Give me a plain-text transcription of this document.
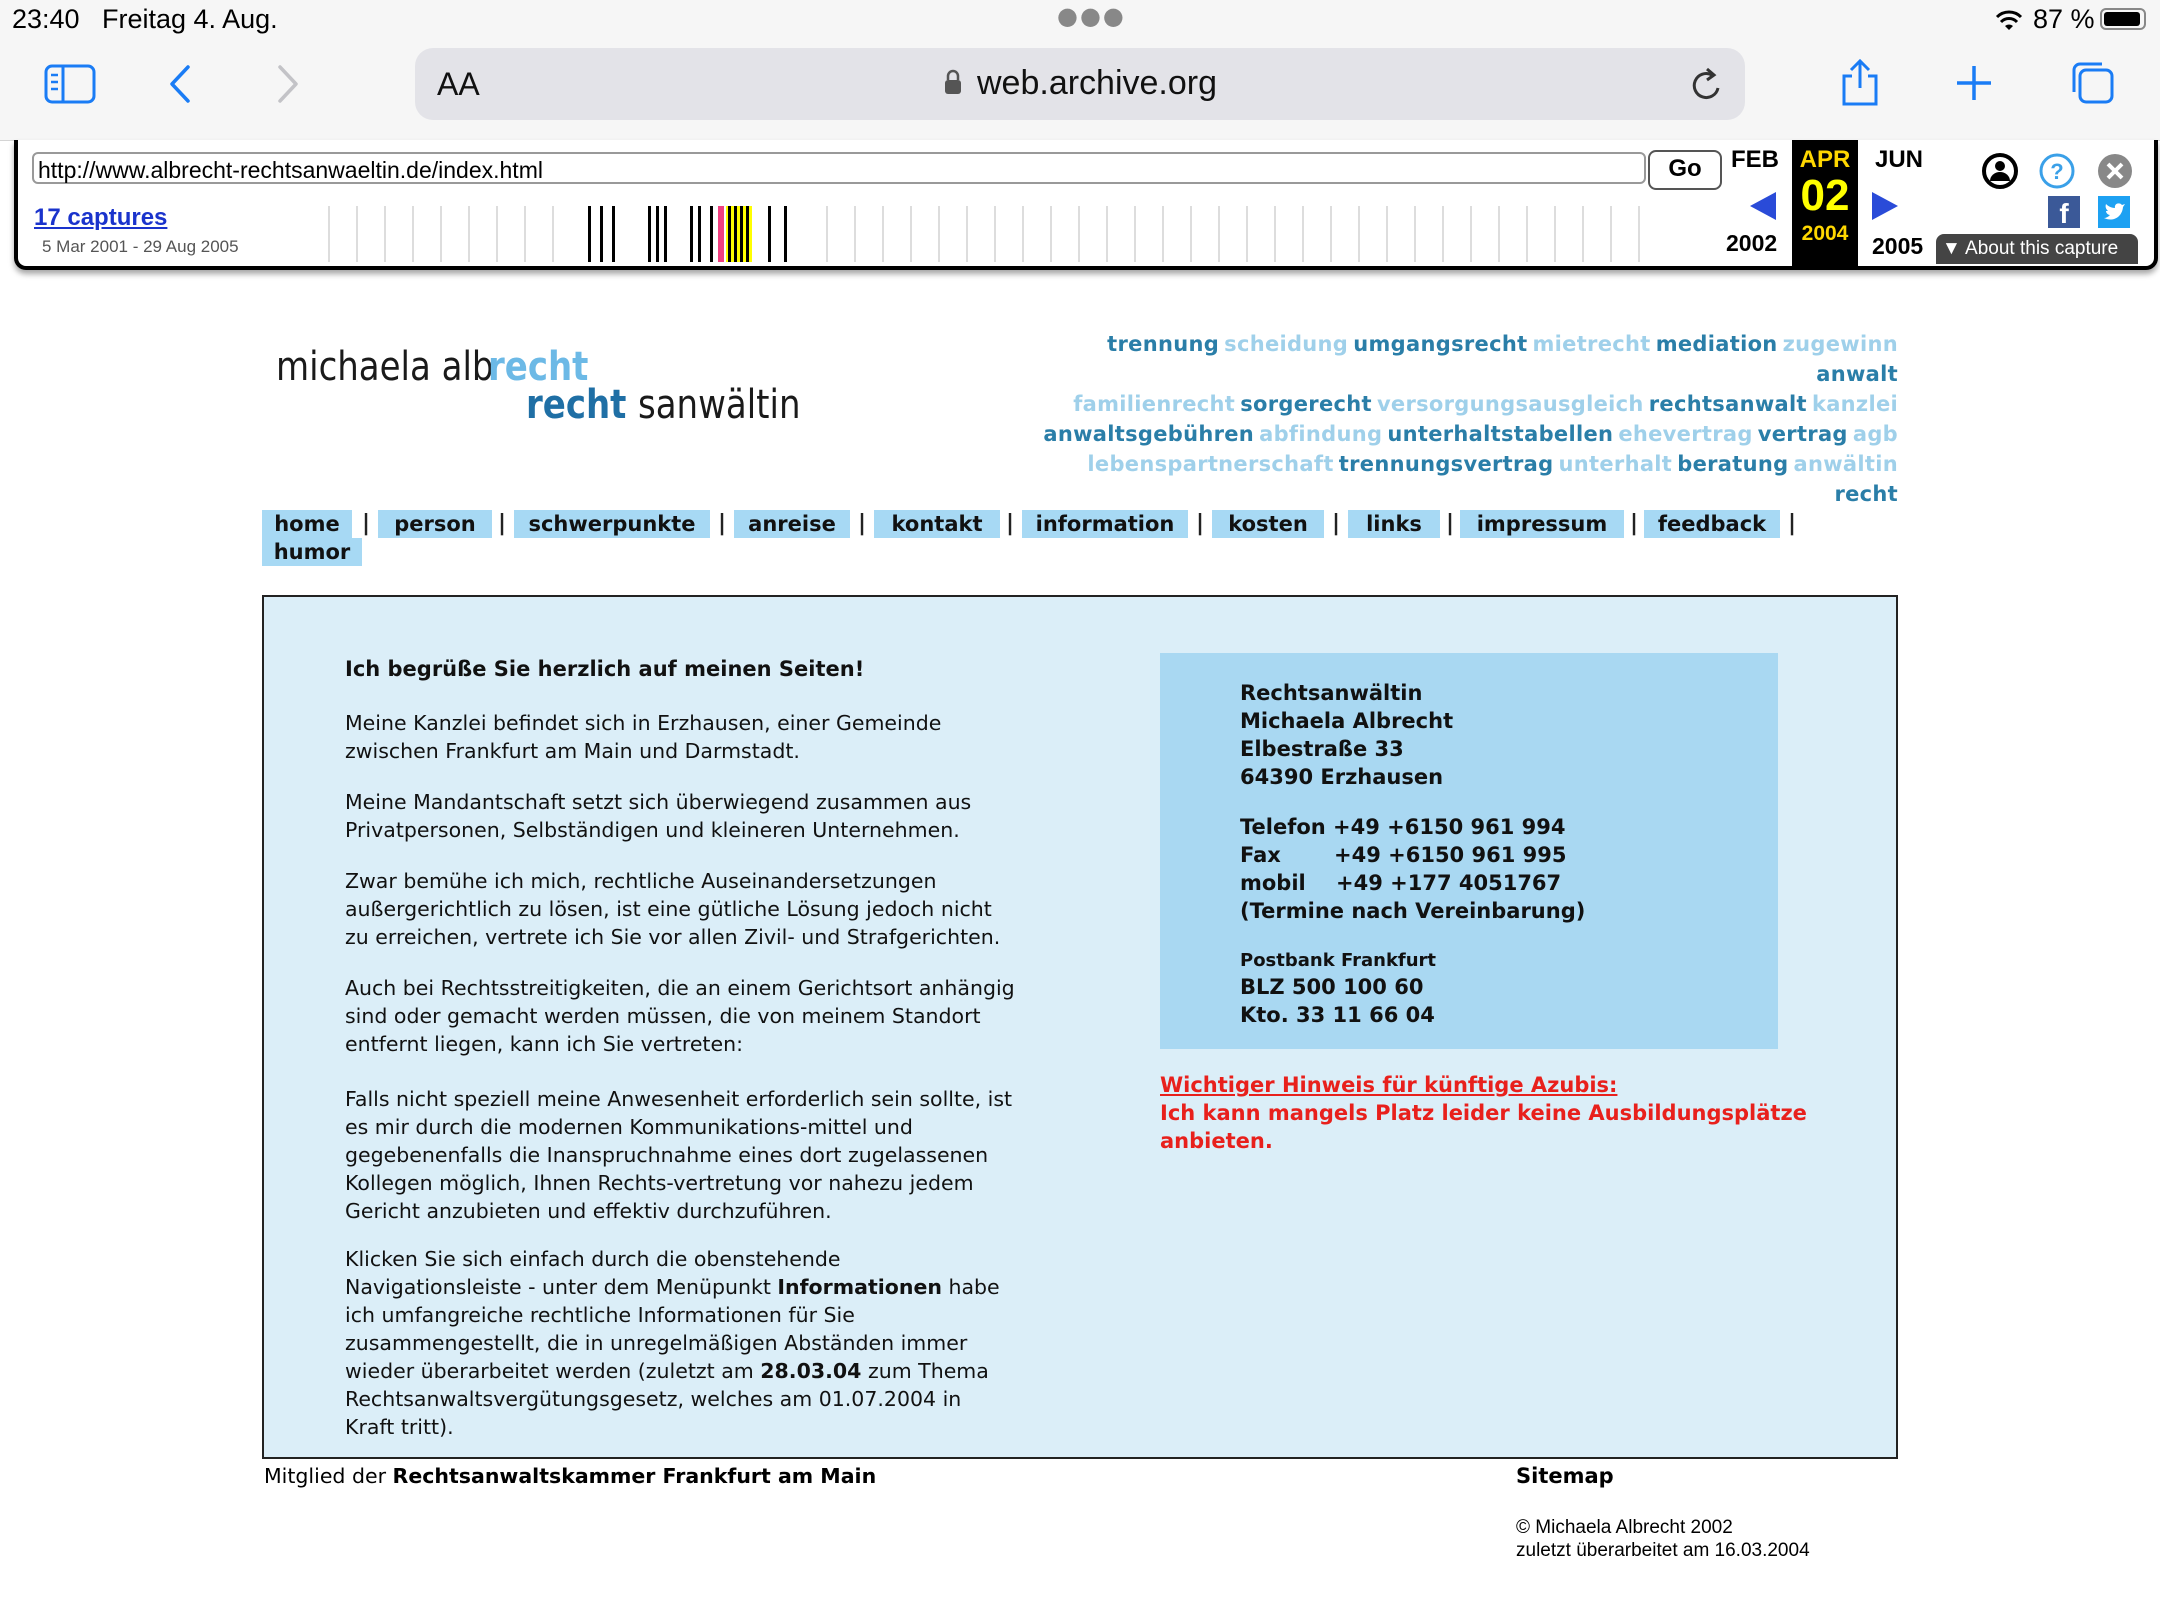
23:40 Freitag 4. Aug.	●●●	87 %
AA	web.archive.org
http://www.albrecht-rechtsanwaeltin.de/index.html	Go
17 captures
5 Mar 2001 - 29 Aug 2005
FEB
2002
APR
02
2004
JUN
2005
?
f
▼ About this capture
michaela alb
recht
recht sanwältin
trennung scheidung umgangsrecht mietrecht mediation zugewinn anwalt
familienrecht sorgerecht versorgungsausgleich rechtsanwalt kanzlei
anwaltsgebühren abfindung unterhaltstabellen ehevertrag vertrag agb
lebenspartnerschaft trennungsvertrag unterhalt beratung anwältin recht
home	|	person	|	schwerpunkte	|	anreise	|	kontakt	|	information |	kosten	|	links	|	impressum	| feedback |
humor
Ich begrüße Sie herzlich auf meinen Seiten!
Meine Kanzlei befindet sich in Erzhausen, einer Gemeinde
zwischen Frankfurt am Main und Darmstadt.
Meine Mandantschaft setzt sich überwiegend zusammen aus
Privatpersonen, Selbständigen und kleineren Unternehmen.
Zwar bemühe ich mich, rechtliche Auseinandersetzungen
außergerichtlich zu lösen, ist eine gütliche Lösung jedoch nicht
zu erreichen, vertrete ich Sie vor allen Zivil- und Strafgerichten.
Auch bei Rechtsstreitigkeiten, die an einem Gerichtsort anhängig
sind oder gemacht werden müssen, die von meinem Standort
entfernt liegen, kann ich Sie vertreten:
Falls nicht speziell meine Anwesenheit erforderlich sein sollte, ist
es mir durch die modernen Kommunikations-mittel und
gegebenenfalls die Inanspruchnahme eines dort zugelassenen
Kollegen möglich, Ihnen Rechts-vertretung vor nahezu jedem
Gericht anzubieten und effektiv durchzuführen.
Klicken Sie sich einfach durch die obenstehende
Navigationsleiste - unter dem Menüpunkt Informationen habe
ich umfangreiche rechtliche Informationen für Sie
zusammengestellt, die in unregelmäßigen Abständen immer
wieder überarbeitet werden (zuletzt am 28.03.04 zum Thema
Rechtsanwaltsvergütungsgesetz, welches am 01.07.2004 in
Kraft tritt).
Rechtsanwältin
Michaela Albrecht
Elbestraße 33
64390 Erzhausen
Telefon +49 +6150 961 994
Fax	+49 +6150 961 995
mobil +49 +177 4051767
(Termine nach Vereinbarung)
Postbank Frankfurt
BLZ 500 100 60
Kto. 33 11 66 04
Wichtiger Hinweis für künftige Azubis:
Ich kann mangels Platz leider keine Ausbildungsplätze
anbieten.
Mitglied der Rechtsanwaltskammer Frankfurt am Main	Sitemap
© Michaela Albrecht 2002
zuletzt überarbeitet am 16.03.2004
